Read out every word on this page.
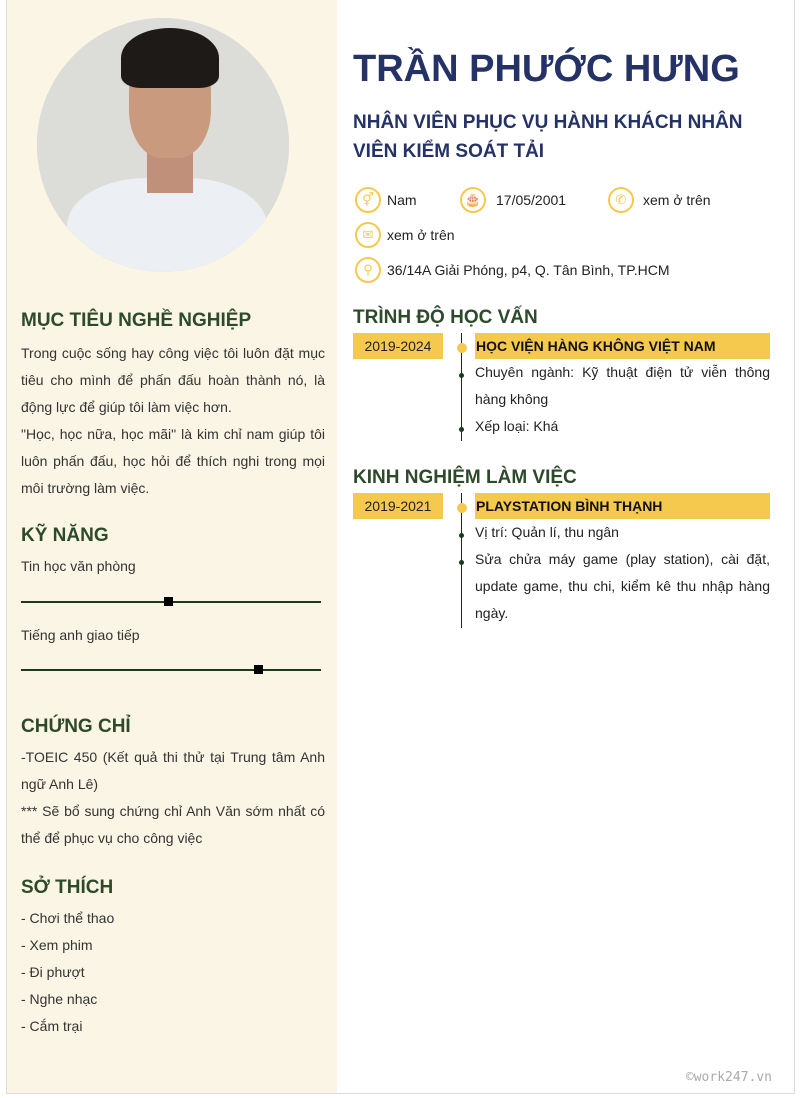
MỤC TIÊU NGHỀ NGHIỆP

Trong cuộc sống hay công việc tôi luôn đặt mục tiêu cho mình để phấn đấu hoàn thành nó, là động lực để giúp tôi làm việc hơn.

"Học, học nữa, học mãi" là kim chỉ nam giúp tôi luôn phấn đấu, học hỏi để thích nghi trong mọi môi trường làm việc.

KỸ NĂNG
Tin học văn phòng
Tiếng anh giao tiếp
CHỨNG CHỈ

-TOEIC 450 (Kết quả thi thử tại Trung tâm Anh ngữ Anh Lê)

*** Sẽ bổ sung chứng chỉ Anh Văn sớm nhất có thể để phục vụ cho công việc

SỞ THÍCH

- Chơi thể thao

- Xem phim

- Đi phượt

- Nghe nhạc

- Cắm trại

TRẦN PHƯỚC HƯNG
NHÂN VIÊN PHỤC VỤ HÀNH KHÁCH NHÂN VIÊN KIỂM SOÁT TẢI
⚥ Nam	🎂	17/05/2001	✆	xem ở trên
✉ xem ở trên
⚲	36/14A Giải Phóng, p4, Q. Tân Bình, TP.HCM
TRÌNH ĐỘ HỌC VẤN
2019-2024	HỌC VIỆN HÀNG KHÔNG VIỆT NAM
Chuyên ngành: Kỹ thuật điện tử viễn thông hàng không
Xếp loại: Khá
KINH NGHIỆM LÀM VIỆC
2019-2021	PLAYSTATION BÌNH THẠNH
Vị trí: Quản lí, thu ngân
Sửa chửa máy game (play station), cài đặt, update game, thu chi, kiểm kê thu nhập hàng ngày.
©work247.vn
